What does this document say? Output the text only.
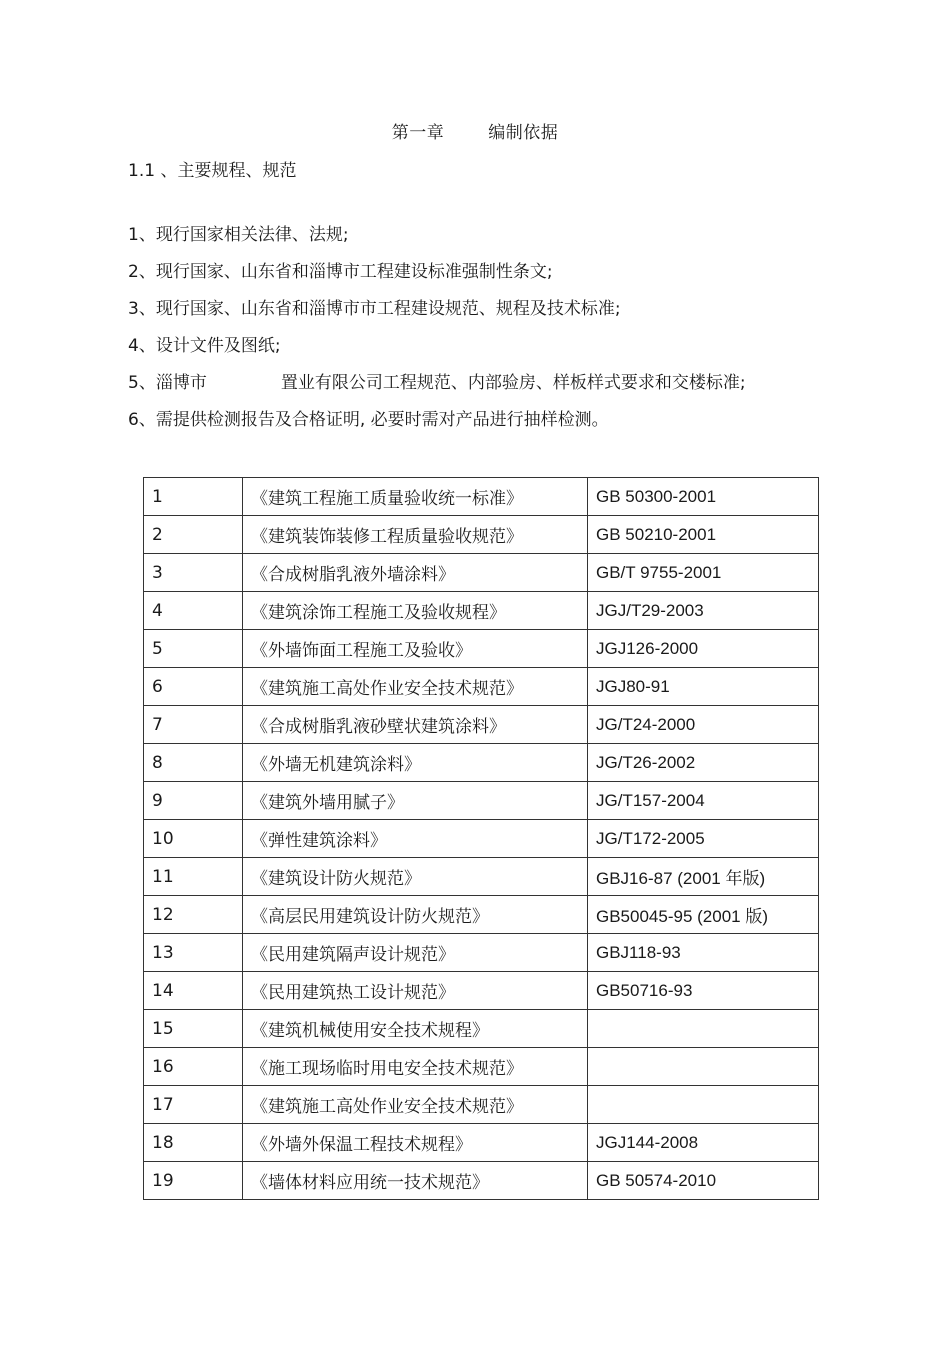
第一章	编制依据
1.1 、主要规程、规范
1、现行国家相关法律、法规;
2、现行国家、山东省和淄博市工程建设标准强制性条文;
3、现行国家、山东省和淄博市市工程建设规范、规程及技术标准;
4、设计文件及图纸;
5、淄博市	置业有限公司工程规范、内部验房、样板样式要求和交楼标准;
6、需提供检测报告及合格证明, 必要时需对产品进行抽样检测。
1	《建筑工程施工质量验收统一标准》	GB 50300-2001
2	《建筑装饰装修工程质量验收规范》	GB 50210-2001
3	《合成树脂乳液外墙涂料》	GB/T 9755-2001
4	《建筑涂饰工程施工及验收规程》	JGJ/T29-2003
5	《外墙饰面工程施工及验收》	JGJ126-2000
6	《建筑施工高处作业安全技术规范》	JGJ80-91
7	《合成树脂乳液砂壁状建筑涂料》	JG/T24-2000
8	《外墙无机建筑涂料》	JG/T26-2002
9	《建筑外墙用腻子》	JG/T157-2004
10	《弹性建筑涂料》	JG/T172-2005
11	《建筑设计防火规范》	GBJ16-87 (2001 年版)
12	《高层民用建筑设计防火规范》	GB50045-95 (2001 版)
13	《民用建筑隔声设计规范》	GBJ118-93
14	《民用建筑热工设计规范》	GB50716-93
15	《建筑机械使用安全技术规程》	
16	《施工现场临时用电安全技术规范》	
17	《建筑施工高处作业安全技术规范》	
18	《外墙外保温工程技术规程》	JGJ144-2008
19	《墙体材料应用统一技术规范》	GB 50574-2010
